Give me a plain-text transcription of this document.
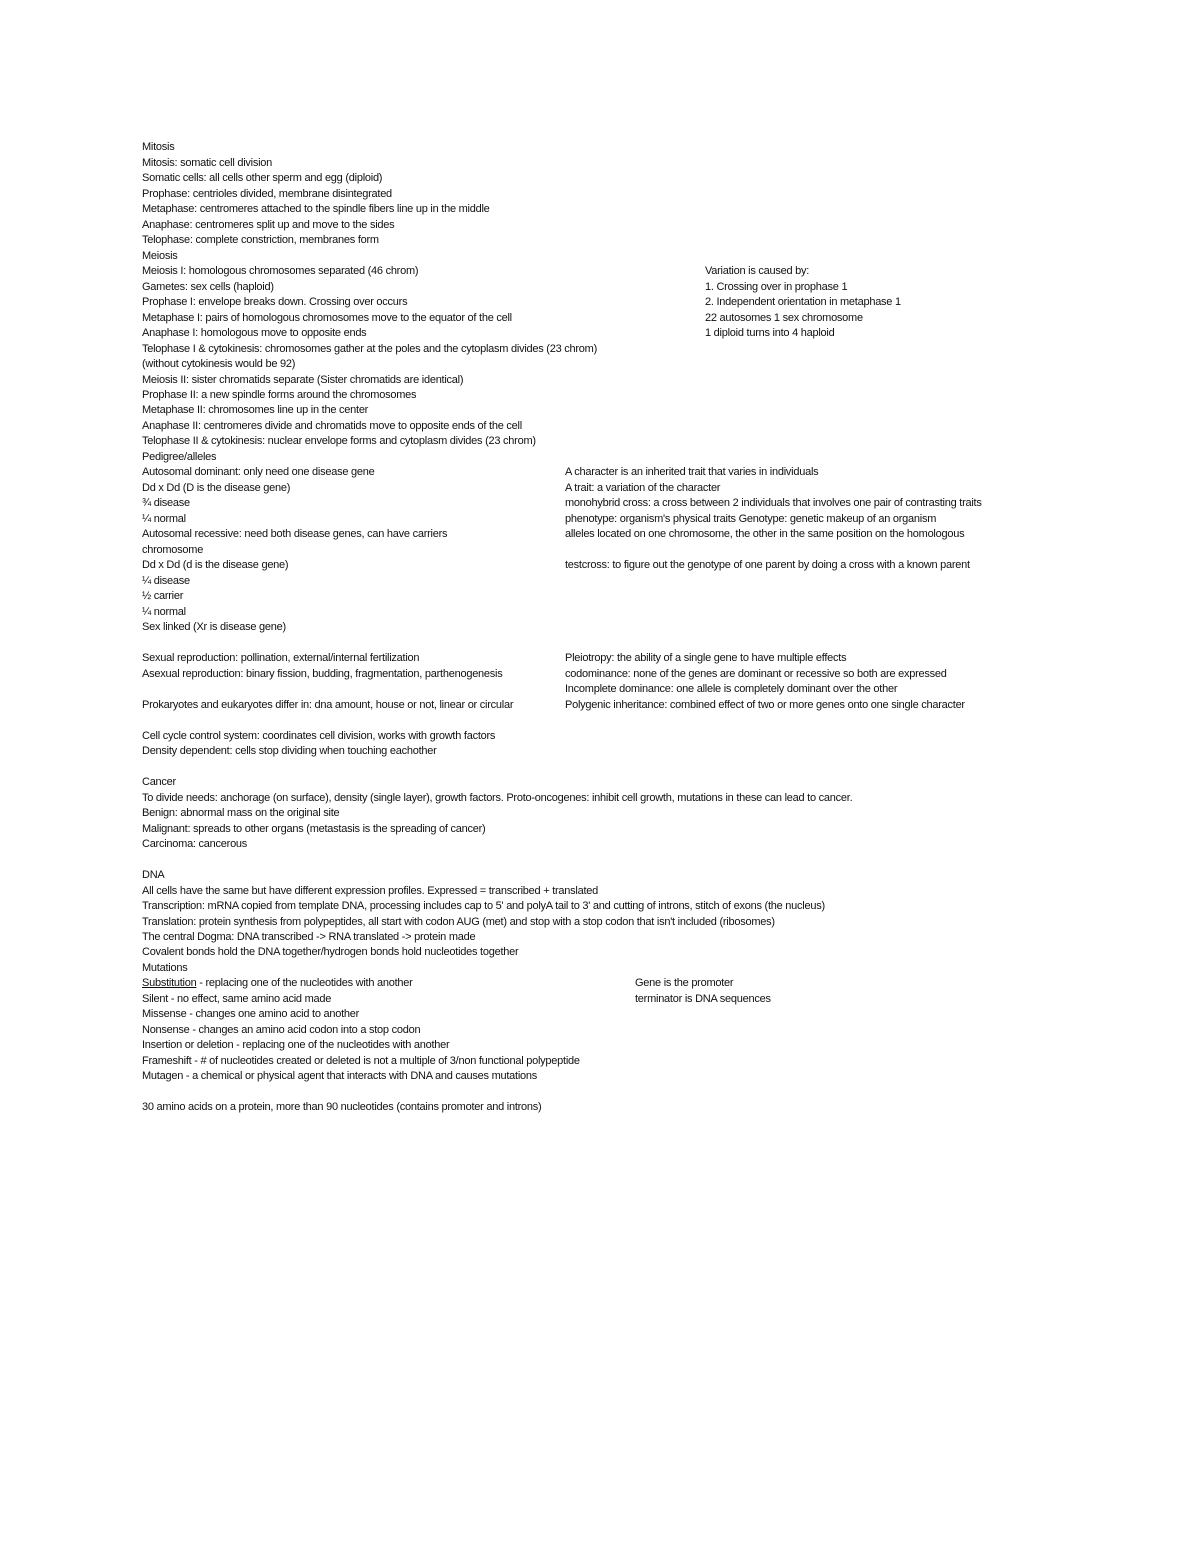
Mitosis
Mitosis: somatic cell division
Somatic cells: all cells other sperm and egg (diploid)
Prophase: centrioles divided, membrane disintegrated
Metaphase: centromeres attached to the spindle fibers line up in the middle
Anaphase: centromeres split up and move to the sides
Telophase: complete constriction, membranes form
Meiosis
Meiosis I: homologous chromosomes separated (46 chrom)
Gametes: sex cells (haploid)
Prophase I: envelope breaks down. Crossing over occurs
Metaphase I: pairs of homologous chromosomes move to the equator of the cell
Anaphase I: homologous move to opposite ends
Telophase I & cytokinesis: chromosomes gather at the poles and the cytoplasm divides (23 chrom)
(without cytokinesis would be 92)
Meiosis II: sister chromatids separate (Sister chromatids are identical)
Prophase II: a new spindle forms around the chromosomes
Metaphase II: chromosomes line up in the center
Anaphase II: centromeres divide and chromatids move to opposite ends of the cell
Telophase II & cytokinesis: nuclear envelope forms and cytoplasm divides (23 chrom)
Pedigree/alleles
Autosomal dominant: only need one disease gene
Dd x Dd (D is the disease gene)
¾ disease
¼ normal
Autosomal recessive: need both disease genes, can have carriers
chromosome
Dd x Dd (d is the disease gene)
¼ disease
½ carrier
¼ normal
Sex linked (Xr is disease gene)
Sexual reproduction: pollination, external/internal fertilization
Asexual reproduction: binary fission, budding, fragmentation, parthenogenesis
Prokaryotes and eukaryotes differ in: dna amount, house or not, linear or circular
Cell cycle control system: coordinates cell division, works with growth factors
Density dependent: cells stop dividing when touching eachother
Cancer
To divide needs: anchorage (on surface), density (single layer), growth factors. Proto-oncogenes: inhibit cell growth, mutations in these can lead to cancer.
Benign: abnormal mass on the original site
Malignant: spreads to other organs (metastasis is the spreading of cancer)
Carcinoma: cancerous
DNA
All cells have the same but have different expression profiles. Expressed = transcribed + translated
Transcription: mRNA copied from template DNA, processing includes cap to 5' and polyA tail to 3' and cutting of introns, stitch of exons (the nucleus)
Translation: protein synthesis from polypeptides, all start with codon AUG (met) and stop with a stop codon that isn't included (ribosomes)
The central Dogma: DNA transcribed -> RNA translated -> protein made
Covalent bonds hold the DNA together/hydrogen bonds hold nucleotides together
Mutations
Substitution - replacing one of the nucleotides with another
Silent - no effect, same amino acid made
Missense - changes one amino acid to another
Nonsense - changes an amino acid codon into a stop codon
Insertion or deletion - replacing one of the nucleotides with another
Frameshift - # of nucleotides created or deleted is not a multiple of 3/non functional polypeptide
Mutagen - a chemical or physical agent that interacts with DNA and causes mutations
30 amino acids on a protein, more than 90 nucleotides (contains promoter and introns)
A character is an inherited trait that varies in individuals
A trait: a variation of the character
monohybrid cross: a cross between 2 individuals that involves one pair of contrasting traits
phenotype: organism's physical traits Genotype: genetic makeup of an organism
alleles located on one chromosome, the other in the same position on the homologous
testcross: to figure out the genotype of one parent by doing a cross with a known parent
Pleiotropy: the ability of a single gene to have multiple effects
codominance: none of the genes are dominant or recessive so both are expressed
Incomplete dominance: one allele is completely dominant over the other
Polygenic inheritance: combined effect of two or more genes onto one single character
Variation is caused by:
1. Crossing over in prophase 1
2. Independent orientation in metaphase 1
22 autosomes 1 sex chromosome
1 diploid turns into 4 haploid
Gene is the promoter
terminator is DNA sequences
